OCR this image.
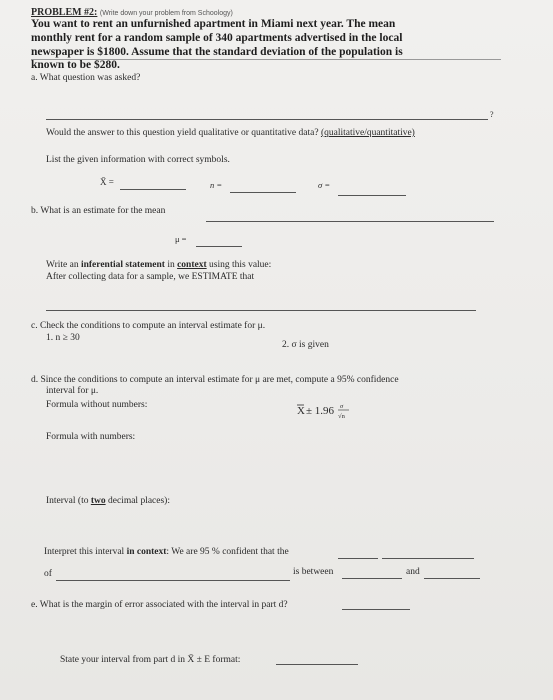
PROBLEM #2: (Write down your problem from Schoology)
You want to rent an unfurnished apartment in Miami next year. The mean
monthly rent for a random sample of 340 apartments advertised in the local
newspaper is $1800. Assume that the standard deviation of the population is
known to be $280.
a. What question was asked?
?
Would the answer to this question yield qualitative or quantitative data? (qualitative/quantitative)
List the given information with correct symbols.
X̄ =	n =	σ =
b. What is an estimate for the mean
μ =
Write an inferential statement in context using this value:
After collecting data for a sample, we ESTIMATE that
c. Check the conditions to compute an interval estimate for μ.
1. n ≥ 30
2. σ is given
d. Since the conditions to compute an interval estimate for μ are met, compute a 95% confidence
interval for μ.
Formula without numbers:	X ± 1.96 σ
√n
Formula with numbers:
Interval (to two decimal places):
Interpret this interval in context: We are 95 % confident that the
of	is between	and
e. What is the margin of error associated with the interval in part d?
State your interval from part d in X̄ ± E format:
